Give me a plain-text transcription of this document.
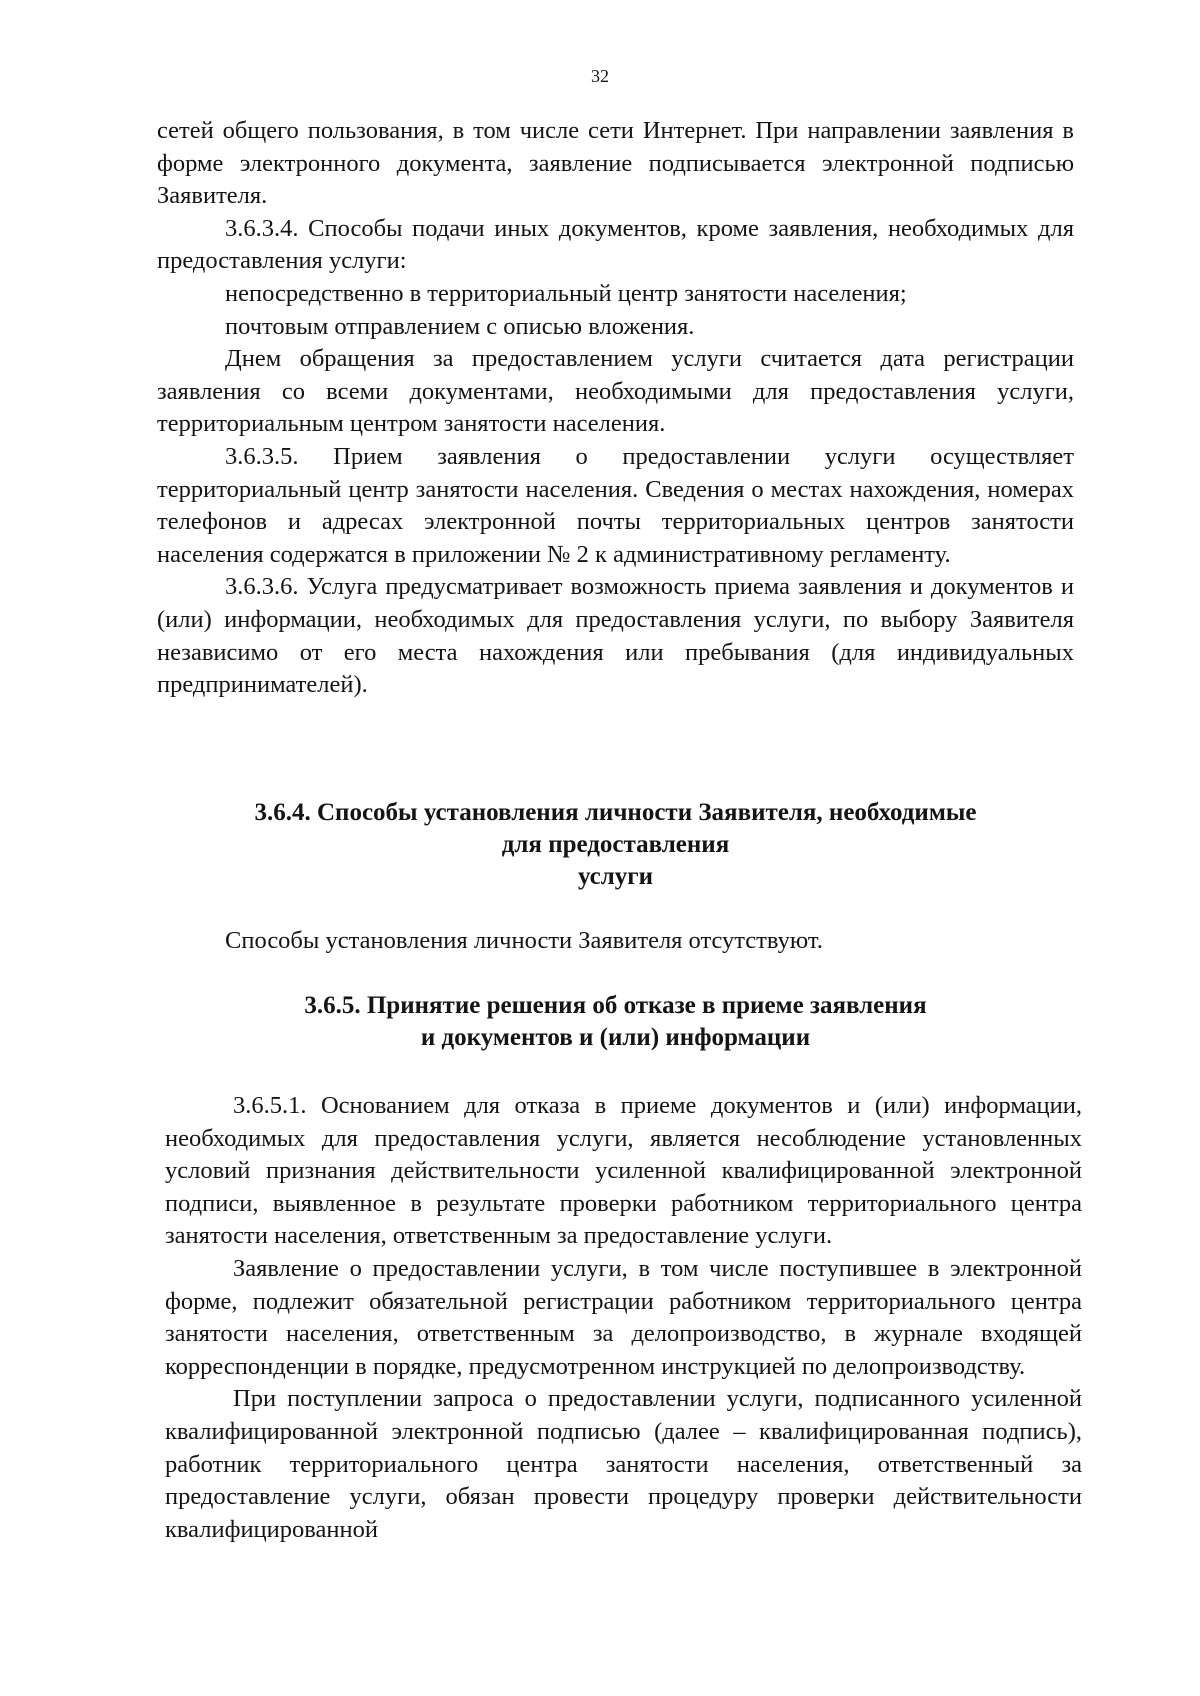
32

сетей общего пользования, в том числе сети Интернет. При направлении заявления в форме электронного документа, заявление подписывается электронной подписью Заявителя.

3.6.3.4. Способы подачи иных документов, кроме заявления, необходимых для предоставления услуги:

непосредственно в территориальный центр занятости населения;

почтовым отправлением с описью вложения.

Днем обращения за предоставлением услуги считается дата регистрации заявления со всеми документами, необходимыми для предоставления услуги, территориальным центром занятости населения.

3.6.3.5. Прием заявления о предоставлении услуги осуществляет территориальный центр занятости населения. Сведения о местах нахождения, номерах телефонов и адресах электронной почты территориальных центров занятости населения содержатся в приложении № 2 к административному регламенту.

3.6.3.6. Услуга предусматривает возможность приема заявления и документов и (или) информации, необходимых для предоставления услуги, по выбору Заявителя независимо от его места нахождения или пребывания (для индивидуальных предпринимателей).

3.6.4. Способы установления личности Заявителя, необходимые
для предоставления
услуги

Способы установления личности Заявителя отсутствуют.

3.6.5. Принятие решения об отказе в приеме заявления
и документов и (или) информации

3.6.5.1. Основанием для отказа в приеме документов и (или) информации, необходимых для предоставления услуги, является несоблюдение установленных условий признания действительности усиленной квалифицированной электронной подписи, выявленное в результате проверки работником территориального центра занятости населения, ответственным за предоставление услуги.

Заявление о предоставлении услуги, в том числе поступившее в электронной форме, подлежит обязательной регистрации работником территориального центра занятости населения, ответственным за делопроизводство, в журнале входящей корреспонденции в порядке, предусмотренном инструкцией по делопроизводству.

При поступлении запроса о предоставлении услуги, подписанного усиленной квалифицированной электронной подписью (далее – квалифицированная подпись), работник территориального центра занятости населения, ответственный за предоставление услуги, обязан провести процедуру проверки действительности квалифицированной
